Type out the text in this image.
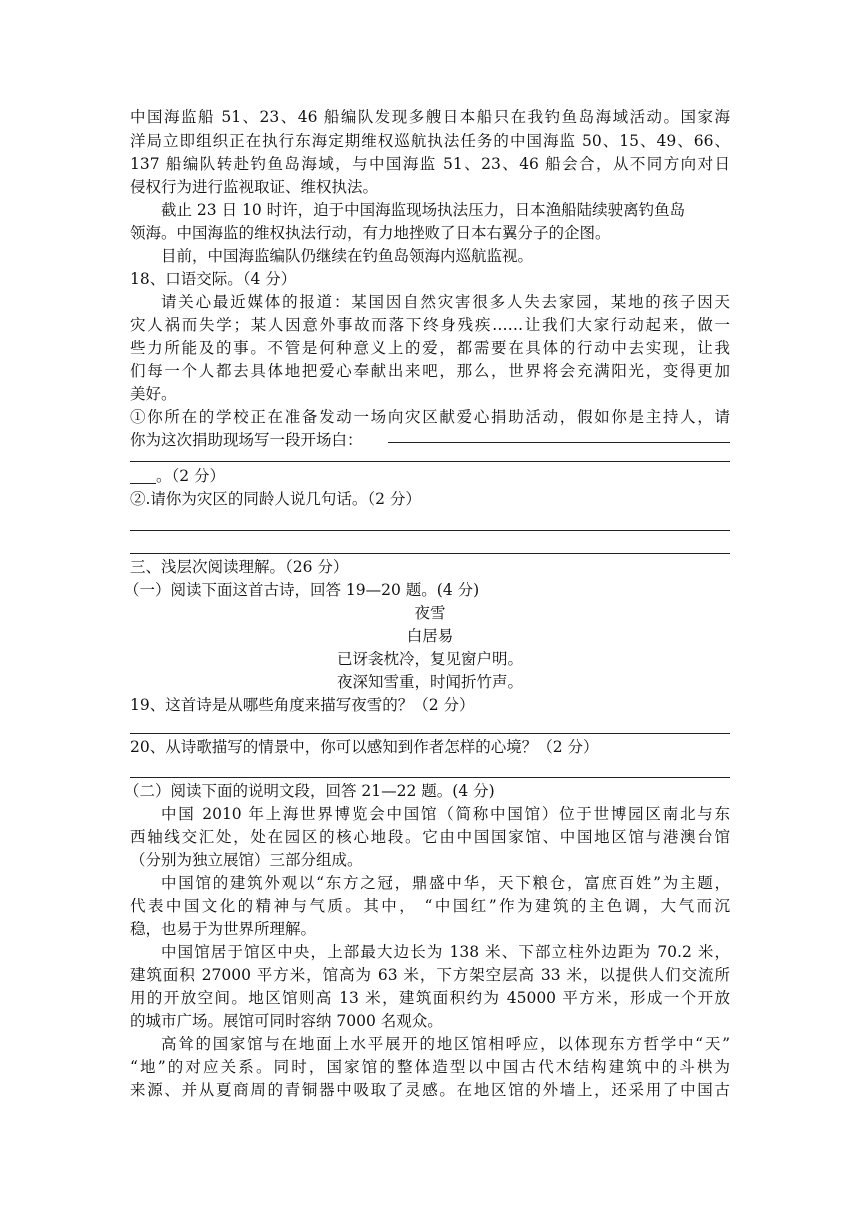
中国海监船 51、23、46 船编队发现多艘日本船只在我钓鱼岛海域活动。国家海
洋局立即组织正在执行东海定期维权巡航执法任务的中国海监 50、15、49、66、
137 船编队转赴钓鱼岛海域，与中国海监 51、23、46 船会合，从不同方向对日
侵权行为进行监视取证、维权执法。
截止 23 日 10 时许，迫于中国海监现场执法压力，日本渔船陆续驶离钓鱼岛
领海。中国海监的维权执法行动，有力地挫败了日本右翼分子的企图。
目前，中国海监编队仍继续在钓鱼岛领海内巡航监视。
18、口语交际。（4 分）
请关心最近媒体的报道：某国因自然灾害很多人失去家园，某地的孩子因天
灾人祸而失学；某人因意外事故而落下终身残疾……让我们大家行动起来，做一
些力所能及的事。不管是何种意义上的爱，都需要在具体的行动中去实现，让我
们每一个人都去具体地把爱心奉献出来吧，那么，世界将会充满阳光，变得更加
美好。
①你所在的学校正在准备发动一场向灾区献爱心捐助活动，假如你是主持人，请
你为这次捐助现场写一段开场白：
。（2 分）
②.请你为灾区的同龄人说几句话。（2 分）
三、浅层次阅读理解。（26 分）
（一）阅读下面这首古诗，回答 19—20 题。(4 分)
夜雪
白居易
已讶衾枕冷，复见窗户明。
夜深知雪重，时闻折竹声。
19、这首诗是从哪些角度来描写夜雪的？（2 分）
20、从诗歌描写的情景中，你可以感知到作者怎样的心境？（2 分）
（二）阅读下面的说明文段，回答 21—22 题。(4 分)
中国 2010 年上海世界博览会中国馆（简称中国馆）位于世博园区南北与东
西轴线交汇处，处在园区的核心地段。它由中国国家馆、中国地区馆与港澳台馆
（分别为独立展馆）三部分组成。
中国馆的建筑外观以“东方之冠，鼎盛中华，天下粮仓，富庶百姓”为主题，
代表中国文化的精神与气质。其中， “中国红”作为建筑的主色调，大气而沉
稳，也易于为世界所理解。
中国馆居于馆区中央，上部最大边长为 138 米、下部立柱外边距为 70.2 米，
建筑面积 27000 平方米，馆高为 63 米，下方架空层高 33 米，以提供人们交流所
用的开放空间。地区馆则高 13 米，建筑面积约为 45000 平方米，形成一个开放
的城市广场。展馆可同时容纳 7000 名观众。
高耸的国家馆与在地面上水平展开的地区馆相呼应，以体现东方哲学中“天”
“地”的对应关系。同时，国家馆的整体造型以中国古代木结构建筑中的斗栱为
来源、并从夏商周的青铜器中吸取了灵感。在地区馆的外墙上，还采用了中国古
